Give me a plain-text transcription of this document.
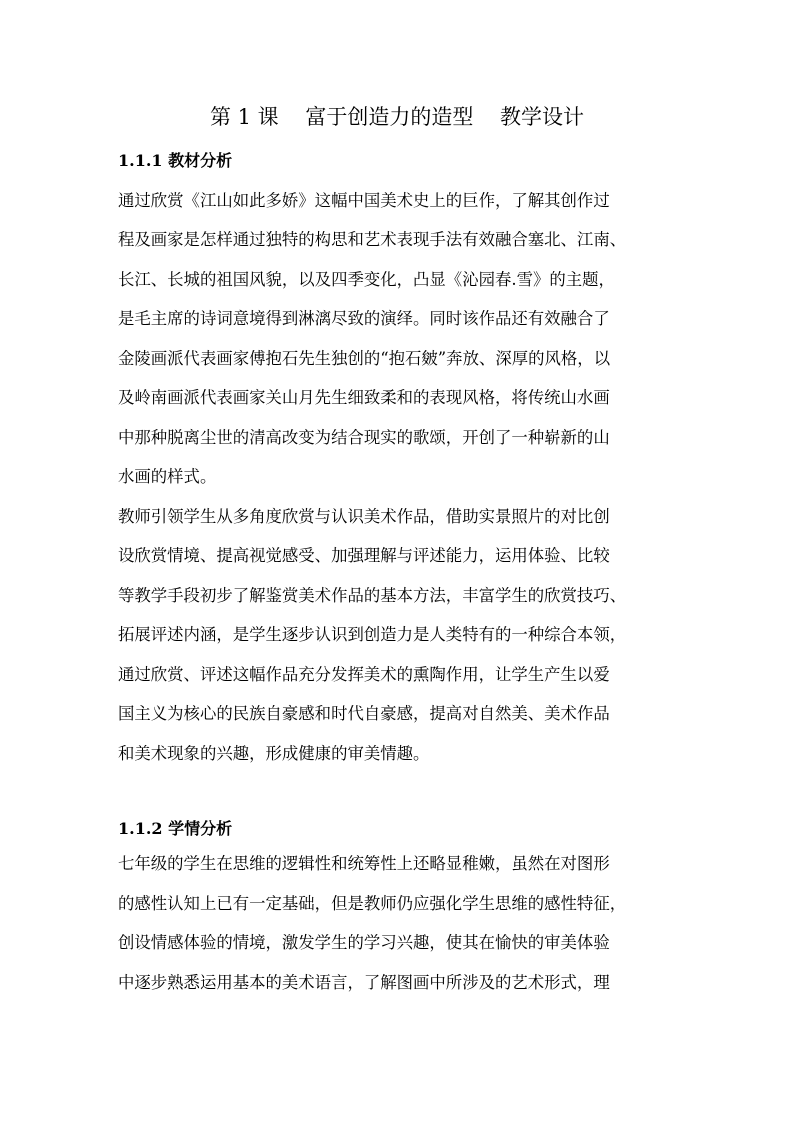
第 1 课    富于创造力的造型    教学设计
1.1.1 教材分析
通过欣赏《江山如此多娇》这幅中国美术史上的巨作，了解其创作过
程及画家是怎样通过独特的构思和艺术表现手法有效融合塞北、江南、
长江、长城的祖国风貌，以及四季变化，凸显《沁园春.雪》的主题，
是毛主席的诗词意境得到淋漓尽致的演绎。同时该作品还有效融合了
金陵画派代表画家傅抱石先生独创的“抱石皴”奔放、深厚的风格，以
及岭南画派代表画家关山月先生细致柔和的表现风格，将传统山水画
中那种脱离尘世的清高改变为结合现实的歌颂，开创了一种崭新的山
水画的样式。
教师引领学生从多角度欣赏与认识美术作品，借助实景照片的对比创
设欣赏情境、提高视觉感受、加强理解与评述能力，运用体验、比较
等教学手段初步了解鉴赏美术作品的基本方法，丰富学生的欣赏技巧、
拓展评述内涵，是学生逐步认识到创造力是人类特有的一种综合本领，
通过欣赏、评述这幅作品充分发挥美术的熏陶作用，让学生产生以爱
国主义为核心的民族自豪感和时代自豪感，提高对自然美、美术作品
和美术现象的兴趣，形成健康的审美情趣。
1.1.2 学情分析
七年级的学生在思维的逻辑性和统筹性上还略显稚嫩，虽然在对图形
的感性认知上已有一定基础，但是教师仍应强化学生思维的感性特征，
创设情感体验的情境，激发学生的学习兴趣，使其在愉快的审美体验
中逐步熟悉运用基本的美术语言，了解图画中所涉及的艺术形式，理
